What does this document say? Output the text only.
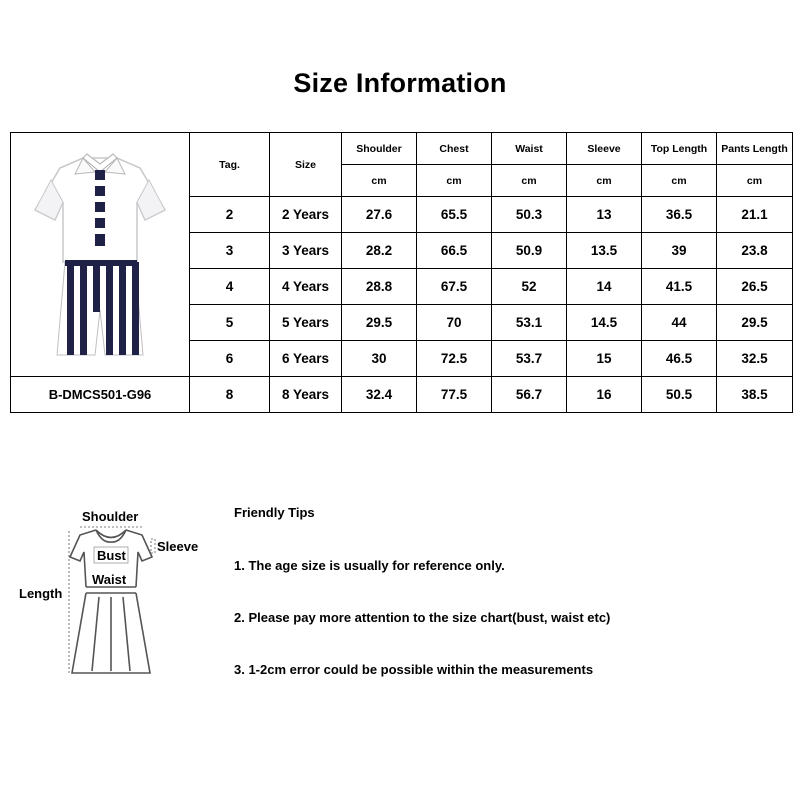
Size Information
	Tag.	Size	Shoulder	Chest	Waist	Sleeve	Top Length	Pants Length
			cm	cm	cm	cm	cm	cm
	2	2 Years	27.6	65.5	50.3	13	36.5	21.1
	3	3 Years	28.2	66.5	50.9	13.5	39	23.8
	4	4 Years	28.8	67.5	52	14	41.5	26.5
	5	5 Years	29.5	70	53.1	14.5	44	29.5
	6	6 Years	30	72.5	53.7	15	46.5	32.5
B-DMCS501-G96	8	8 Years	32.4	77.5	56.7	16	50.5	38.5
Shoulder
Sleeve
Bust
Waist
Length
Friendly Tips
1. The age size is usually for reference only.
2. Please pay more attention to the size chart(bust, waist etc)
3. 1-2cm error could be possible within the measurements
